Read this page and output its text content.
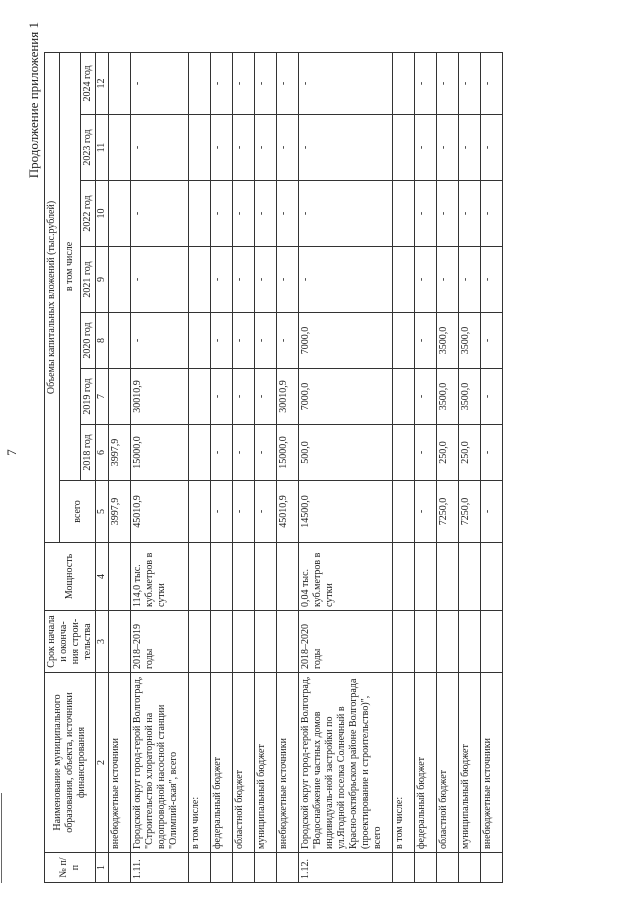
7
Продолжение приложения 1
№ п/п	Наименование муниципального образования, объекта, источники финансирования	Срок начала и оконча-ния строи-тельства	Мощность	Объемы капитальных вложений (тыс.рублей)							
				всего	в том числе						
					2018 год	2019 год	2020 год	2021 год	2022 год	2023 год	2024 год
1	2	3	4	5	6	7	8	9	10	11	12
	внебюджетные источники			3997,9	3997,9						
1.11.	Городской округ город-герой Волгоград, "Строительство хлораторной на водопроводной насосной станции "Олимпий-ская", всего	2018–2019 годы	114,0 тыс. куб.метров в сутки	45010,9	15000,0	30010,9	-	-	-	-	-
	в том числе:										
	федеральный бюджет			-	-	-	-	-	-	-	-
	областной бюджет			-	-	-	-	-	-	-	-
	муниципальный бюджет			-	-	-	-	-	-	-	-
	внебюджетные источники			45010,9	15000,0	30010,9	-	-	-	-	-
1.12.	Городской округ город-герой Волгоград, "Водоснабжение частных домов индивидуаль-ной застройки по ул.Ягодной поселка Солнечный в Красно-октябрьском районе Волгограда (проектирование и строительство)", всего	2018–2020 годы	0,04 тыс. куб.метров в сутки	14500,0	500,0	7000,0	7000,0	-	-	-	-
	в том числе:										
	федеральный бюджет			-	-	-	-	-	-	-	-
	областной бюджет			7250,0	250,0	3500,0	3500,0	-	-	-	-
	муниципальный бюджет			7250,0	250,0	3500,0	3500,0	-	-	-	-
	внебюджетные источники			-	-	-	-	-	-	-	-
